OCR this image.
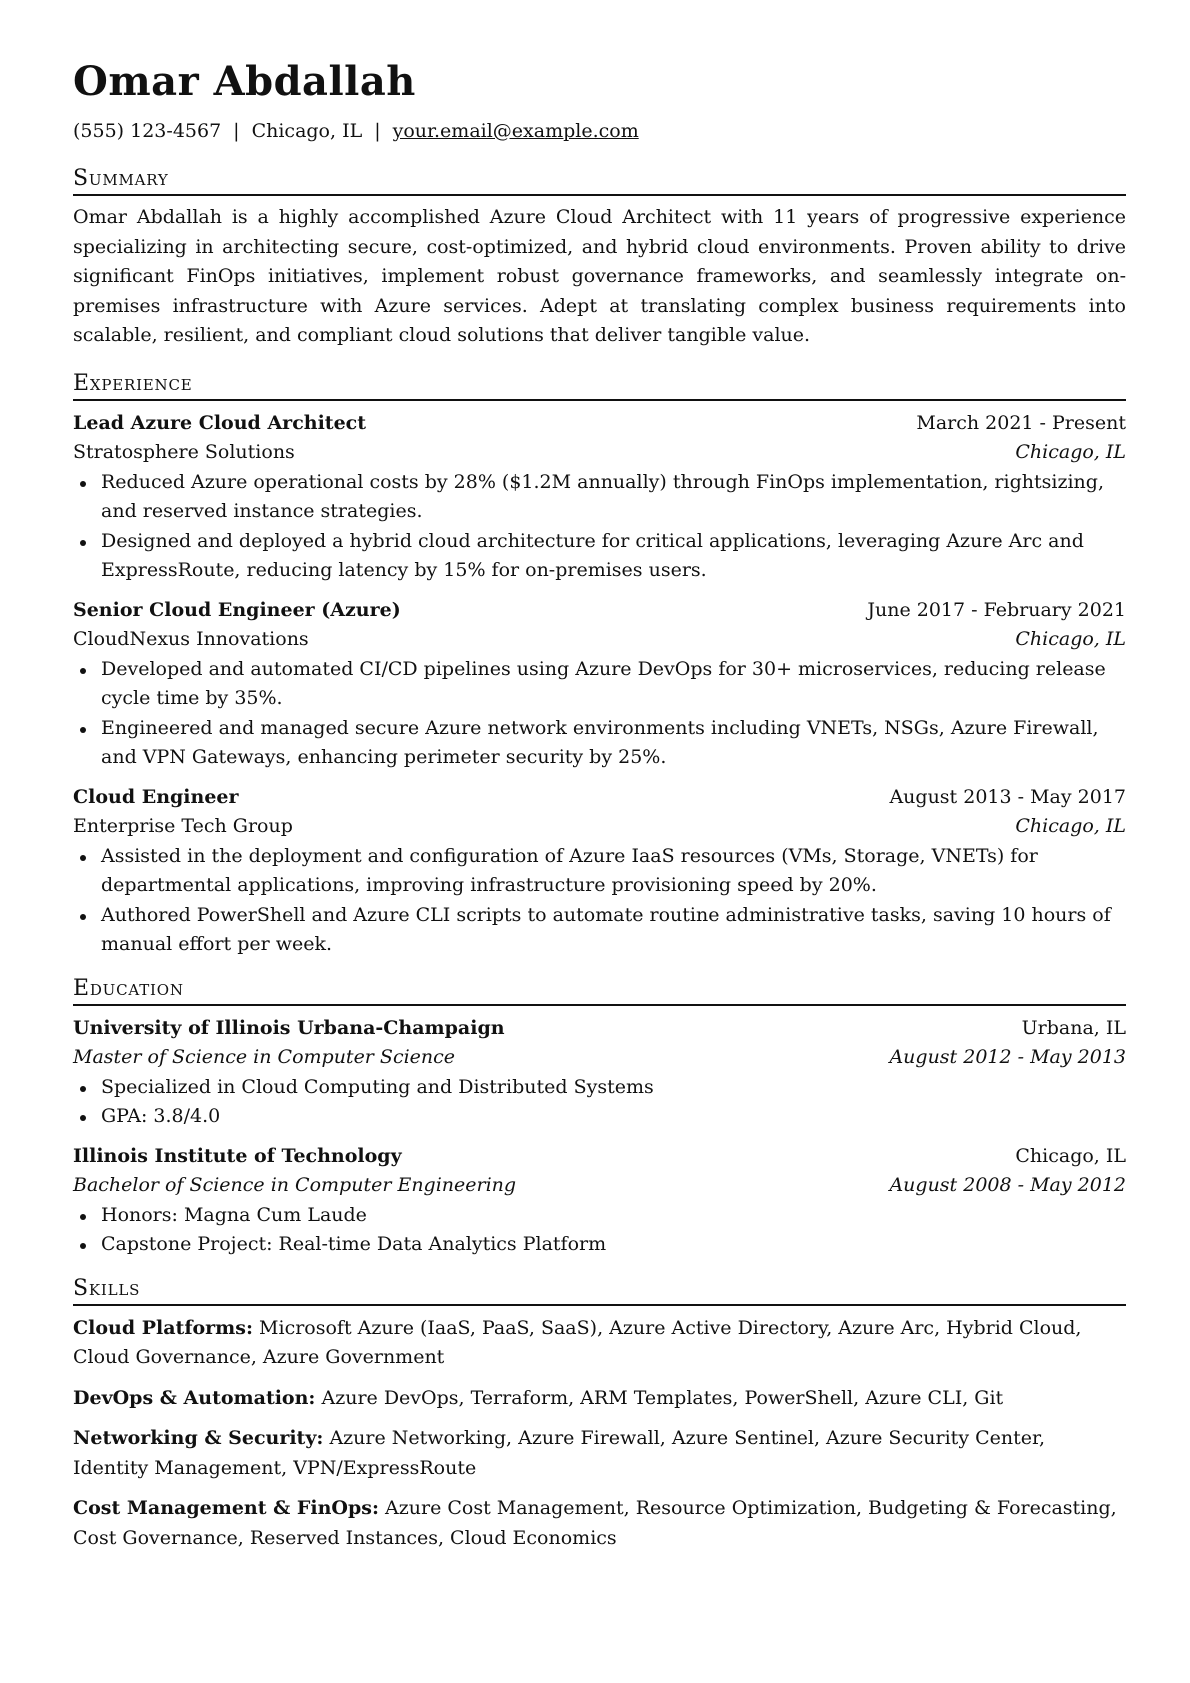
Omar Abdallah
(555) 123-4567 | Chicago, IL | your.email@example.com
Summary
Omar Abdallah is a highly accomplished Azure Cloud Architect with 11 years of progressive experience specializing in architecting secure, cost-optimized, and hybrid cloud environments. Proven ability to drive significant FinOps initiatives, implement robust governance frameworks, and seamlessly integrate on-premises infrastructure with Azure services. Adept at translating complex business requirements into scalable, resilient, and compliant cloud solutions that deliver tangible value.
Experience
Lead Azure Cloud Architect	March 2021 - Present
Stratosphere Solutions	Chicago, IL
Reduced Azure operational costs by 28% ($1.2M annually) through FinOps implementation, rightsizing, and reserved instance strategies.
Designed and deployed a hybrid cloud architecture for critical applications, leveraging Azure Arc and ExpressRoute, reducing latency by 15% for on-premises users.
Senior Cloud Engineer (Azure)	June 2017 - February 2021
CloudNexus Innovations	Chicago, IL
Developed and automated CI/CD pipelines using Azure DevOps for 30+ microservices, reducing release cycle time by 35%.
Engineered and managed secure Azure network environments including VNETs, NSGs, Azure Firewall, and VPN Gateways, enhancing perimeter security by 25%.
Cloud Engineer	August 2013 - May 2017
Enterprise Tech Group	Chicago, IL
Assisted in the deployment and configuration of Azure IaaS resources (VMs, Storage, VNETs) for departmental applications, improving infrastructure provisioning speed by 20%.
Authored PowerShell and Azure CLI scripts to automate routine administrative tasks, saving 10 hours of manual effort per week.
Education
University of Illinois Urbana-Champaign	Urbana, IL
Master of Science in Computer Science	August 2012 - May 2013
Specialized in Cloud Computing and Distributed Systems
GPA: 3.8/4.0
Illinois Institute of Technology	Chicago, IL
Bachelor of Science in Computer Engineering	August 2008 - May 2012
Honors: Magna Cum Laude
Capstone Project: Real-time Data Analytics Platform
Skills
Cloud Platforms: Microsoft Azure (IaaS, PaaS, SaaS), Azure Active Directory, Azure Arc, Hybrid Cloud, Cloud Governance, Azure Government
DevOps & Automation: Azure DevOps, Terraform, ARM Templates, PowerShell, Azure CLI, Git
Networking & Security: Azure Networking, Azure Firewall, Azure Sentinel, Azure Security Center, Identity Management, VPN/ExpressRoute
Cost Management & FinOps: Azure Cost Management, Resource Optimization, Budgeting & Forecasting, Cost Governance, Reserved Instances, Cloud Economics
